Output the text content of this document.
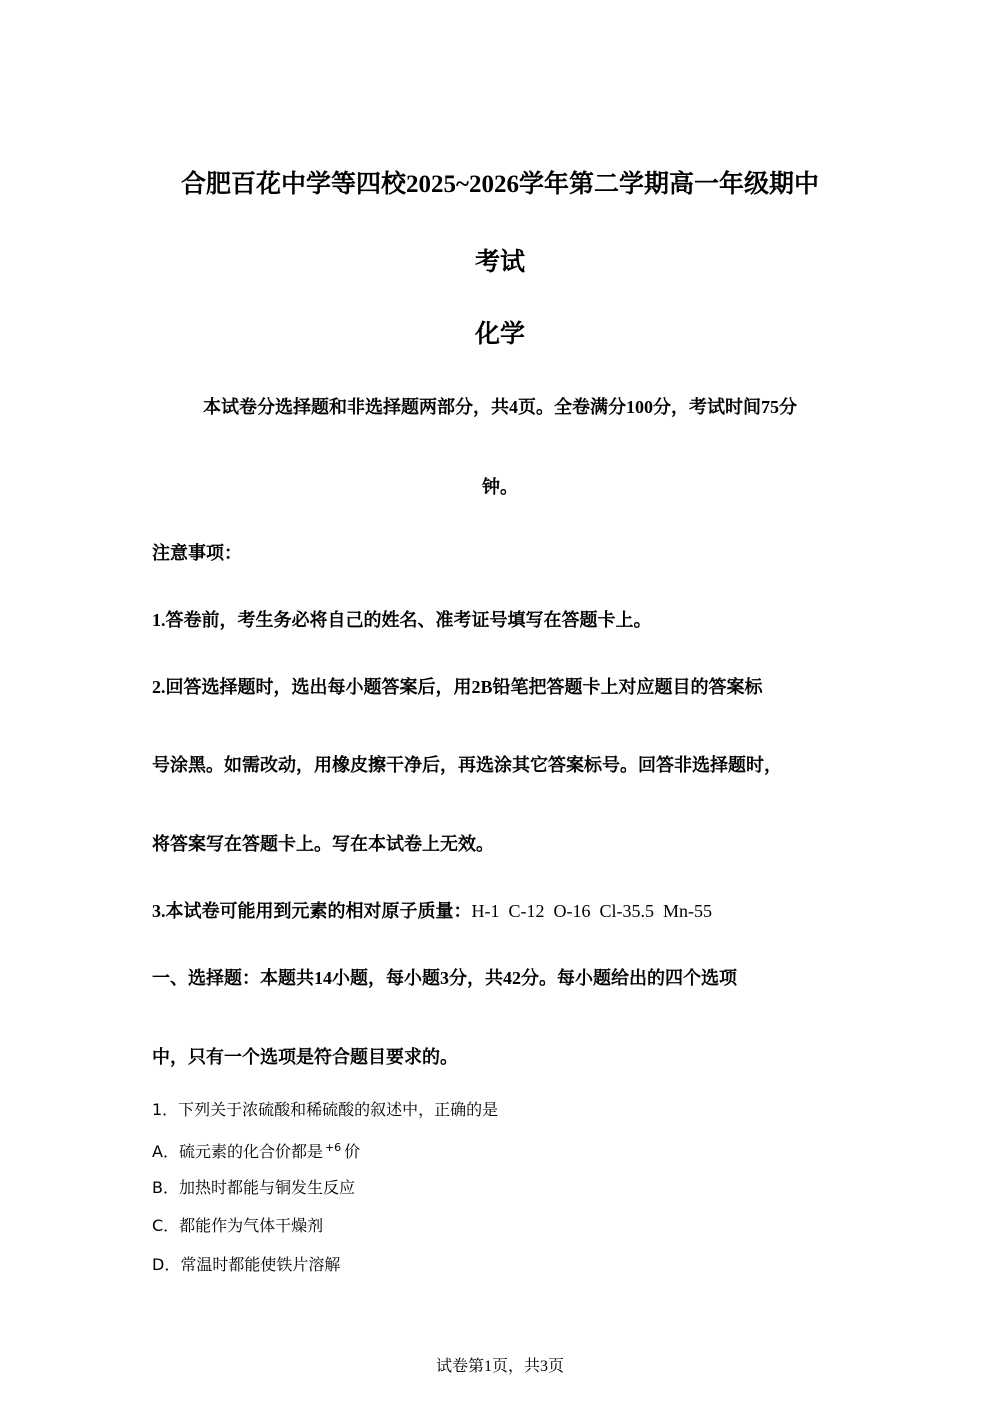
合肥百花中学等四校2025~2026学年第二学期高一年级期中
考试
化学
本试卷分选择题和非选择题两部分，共4页。全卷满分100分，考试时间75分
钟。
注意事项：
1.答卷前，考生务必将自己的姓名、准考证号填写在答题卡上。
2.回答选择题时，选出每小题答案后，用2B铅笔把答题卡上对应题目的答案标
号涂黑。如需改动，用橡皮擦干净后，再选涂其它答案标号。回答非选择题时，
将答案写在答题卡上。写在本试卷上无效。
3.本试卷可能用到元素的相对原子质量：H-1  C-12  O-16  Cl-35.5  Mn-55
一、选择题：本题共14小题，每小题3分，共42分。每小题给出的四个选项
中，只有一个选项是符合题目要求的。
1．下列关于浓硫酸和稀硫酸的叙述中，正确的是
A．硫元素的化合价都是 $^{+6}$ 价
B．加热时都能与铜发生反应
C．都能作为气体干燥剂
D．常温时都能使铁片溶解
试卷第1页，共3页
